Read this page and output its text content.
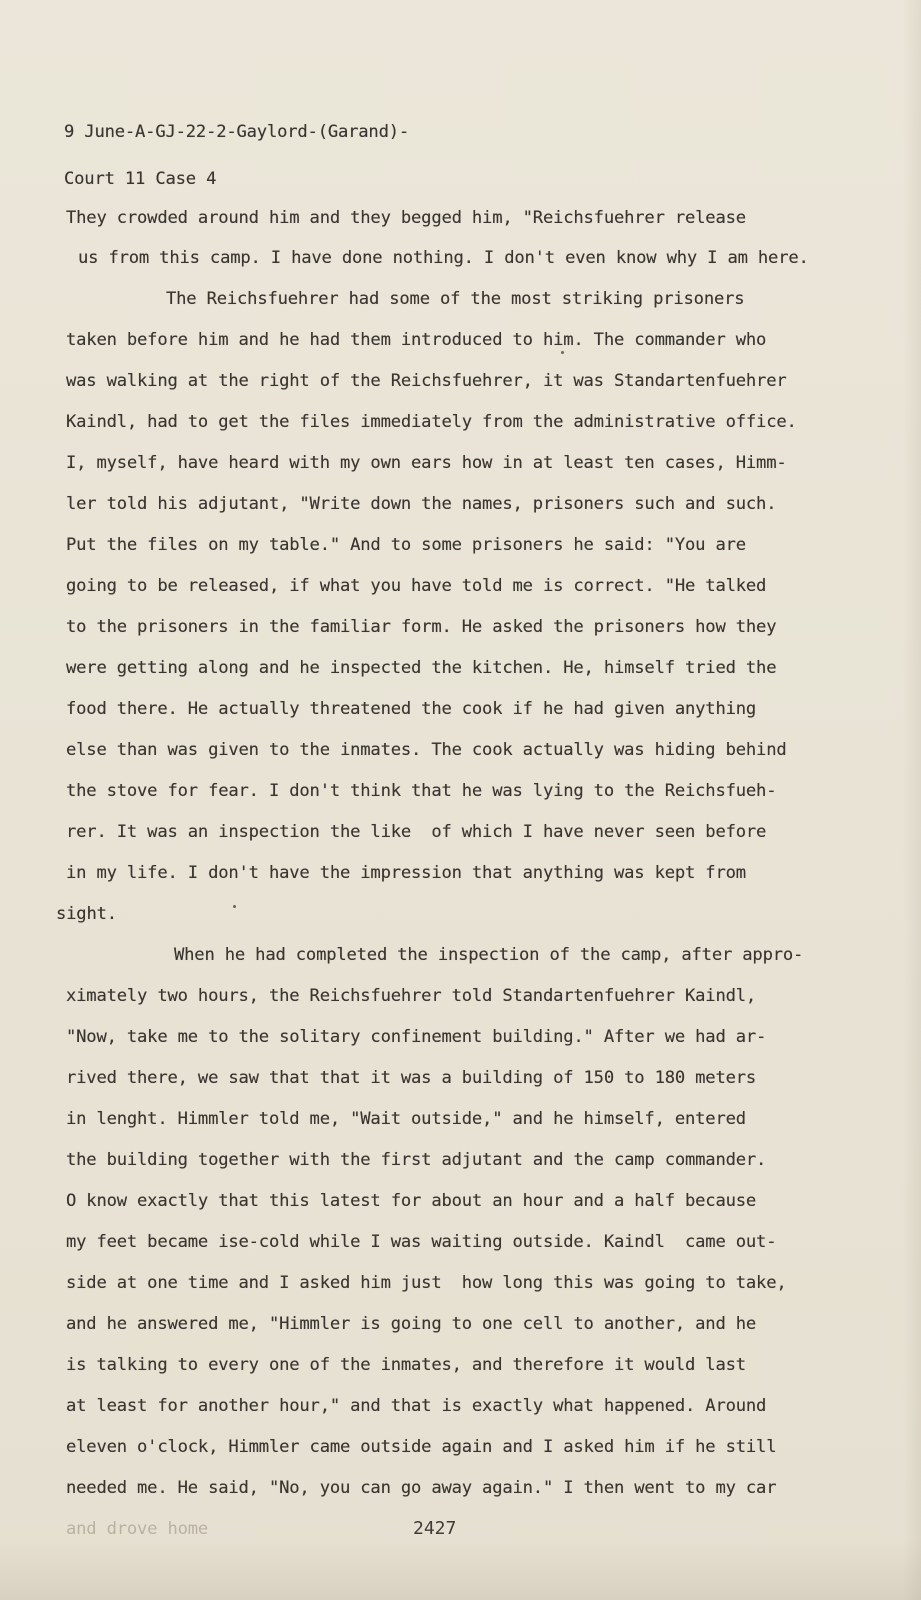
9 June-A-GJ-22-2-Gaylord-(Garand)-
Court 11 Case 4
They crowded around him and they begged him, "Reichsfuehrer release
us from this camp. I have done nothing. I don't even know why I am here.
The Reichsfuehrer had some of the most striking prisoners
taken before him and he had them introduced to him. The commander who
was walking at the right of the Reichsfuehrer, it was Standartenfuehrer
Kaindl, had to get the files immediately from the administrative office.
I, myself, have heard with my own ears how in at least ten cases, Himm-
ler told his adjutant, "Write down the names, prisoners such and such.
Put the files on my table." And to some prisoners he said: "You are
going to be released, if what you have told me is correct. "He talked
to the prisoners in the familiar form. He asked the prisoners how they
were getting along and he inspected the kitchen. He, himself tried the
food there. He actually threatened the cook if he had given anything
else than was given to the inmates. The cook actually was hiding behind
the stove for fear. I don't think that he was lying to the Reichsfueh-
rer. It was an inspection the like  of which I have never seen before
in my life. I don't have the impression that anything was kept from
sight.
When he had completed the inspection of the camp, after appro-
ximately two hours, the Reichsfuehrer told Standartenfuehrer Kaindl,
"Now, take me to the solitary confinement building." After we had ar-
rived there, we saw that that it was a building of 150 to 180 meters
in lenght. Himmler told me, "Wait outside," and he himself, entered
the building together with the first adjutant and the camp commander.
O know exactly that this latest for about an hour and a half because
my feet became ise-cold while I was waiting outside. Kaindl  came out-
side at one time and I asked him just  how long this was going to take,
and he answered me, "Himmler is going to one cell to another, and he
is talking to every one of the inmates, and therefore it would last
at least for another hour," and that is exactly what happened. Around
eleven o'clock, Himmler came outside again and I asked him if he still
needed me. He said, "No, you can go away again." I then went to my car
and drove home	2427
